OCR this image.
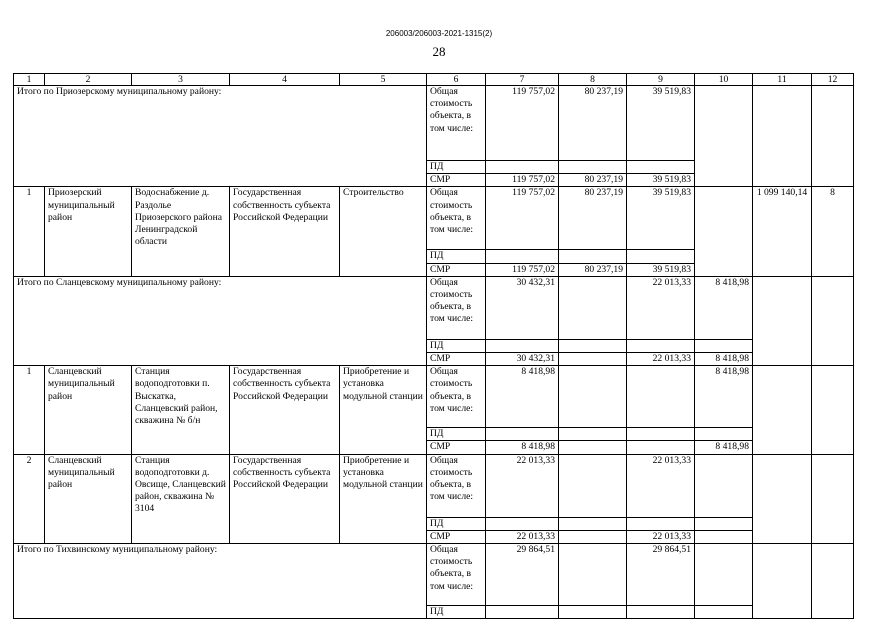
206003/206003-2021-1315(2)
28
1	2	3	4	5	6	7	8	9	10	11	12
Итого по Приозерскому муниципальному району:					Общая стоимость объекта, в том числе:	119 757,02	80 237,19	39 519,83			
					ПД						
					СМР	119 757,02	80 237,19	39 519,83			
1	Приозерский муниципальный район	Водоснабжение д. Раздолье Приозерского района Ленинградской области	Государственная собственность субъекта Российской Федерации	Строительство	Общая стоимость объекта, в том числе:	119 757,02	80 237,19	39 519,83		1 099 140,14	8
					ПД						
					СМР	119 757,02	80 237,19	39 519,83			
Итого по Сланцевскому муниципальному району:					Общая стоимость объекта, в том числе:	30 432,31		22 013,33	8 418,98		
					ПД						
					СМР	30 432,31		22 013,33	8 418,98		
1	Сланцевский муниципальный район	Станция водоподготовки п. Выскатка, Сланцевский район, скважина № б/н	Государственная собственность субъекта Российской Федерации	Приобретение и установка модульной станции	Общая стоимость объекта, в том числе:	8 418,98			8 418,98		
					ПД						
					СМР	8 418,98			8 418,98		
2	Сланцевский муниципальный район	Станция водоподготовки д. Овсище, Сланцевский район, скважина № 3104	Государственная собственность субъекта Российской Федерации	Приобретение и установка модульной станции	Общая стоимость объекта, в том числе:	22 013,33		22 013,33			
					ПД						
					СМР	22 013,33		22 013,33			
Итого по Тихвинскому муниципальному району:					Общая стоимость объекта, в том числе:	29 864,51		29 864,51			
					ПД						
